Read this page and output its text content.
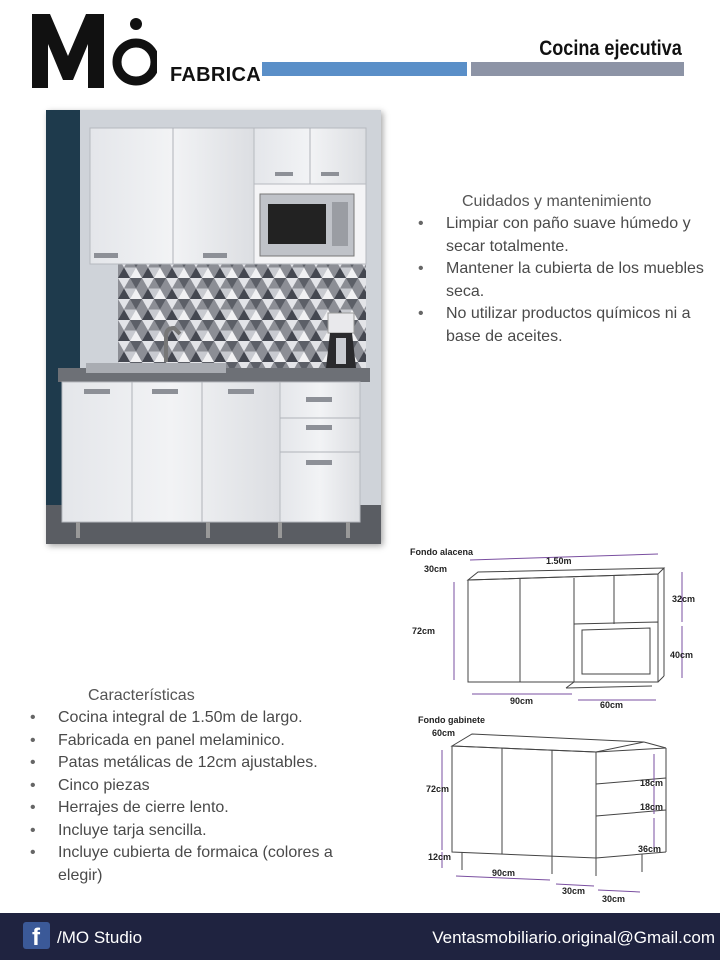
FABRICA
Cocina ejecutiva
Cuidados y mantenimiento
• Limpiar con paño suave húmedo y secar totalmente.
• Mantener la cubierta de los muebles seca.
• No utilizar productos químicos ni a base de aceites.
Características
• Cocina integral de 1.50m de largo.
• Fabricada en panel melaminico.
• Patas metálicas de 12cm ajustables.
• Cinco piezas
• Herrajes de cierre lento.
• Incluye tarja sencilla.
• Incluye cubierta de formaica (colores a elegir)
Fondo alacena
30cm
1.50m
72cm
32cm
40cm
90cm	60cm
Fondo gabinete
60cm
72cm
12cm
18cm
18cm
36cm
90cm
30cm
30cm
f /MO Studio	Ventasmobiliario.original@Gmail.com
